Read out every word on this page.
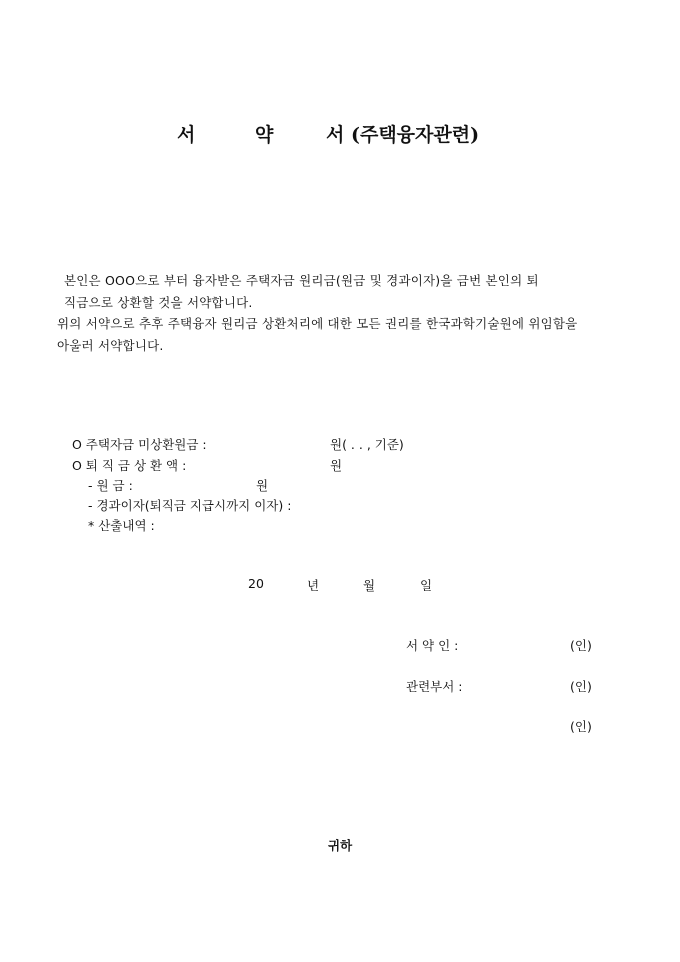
서	약	서 (주택융자관련)
본인은 OOO으로 부터 융자받은 주택자금 원리금(원금 및 경과이자)을 금번 본인의 퇴
직금으로 상환할 것을 서약합니다.
위의 서약으로 추후 주택융자 원리금 상환처리에 대한 모든 권리를 한국과학기술원에 위임함을
아울러 서약합니다.
O 주택자금 미상환원금 :	원( . . , 기준)
O 퇴 직 금 상 환 액 :	원
- 원 금 :	원
- 경과이자(퇴직금 지급시까지 이자) :
* 산출내역 :
20	년	월	일
서 약 인 :	(인)
관련부서 :	(인)
(인)
귀하
